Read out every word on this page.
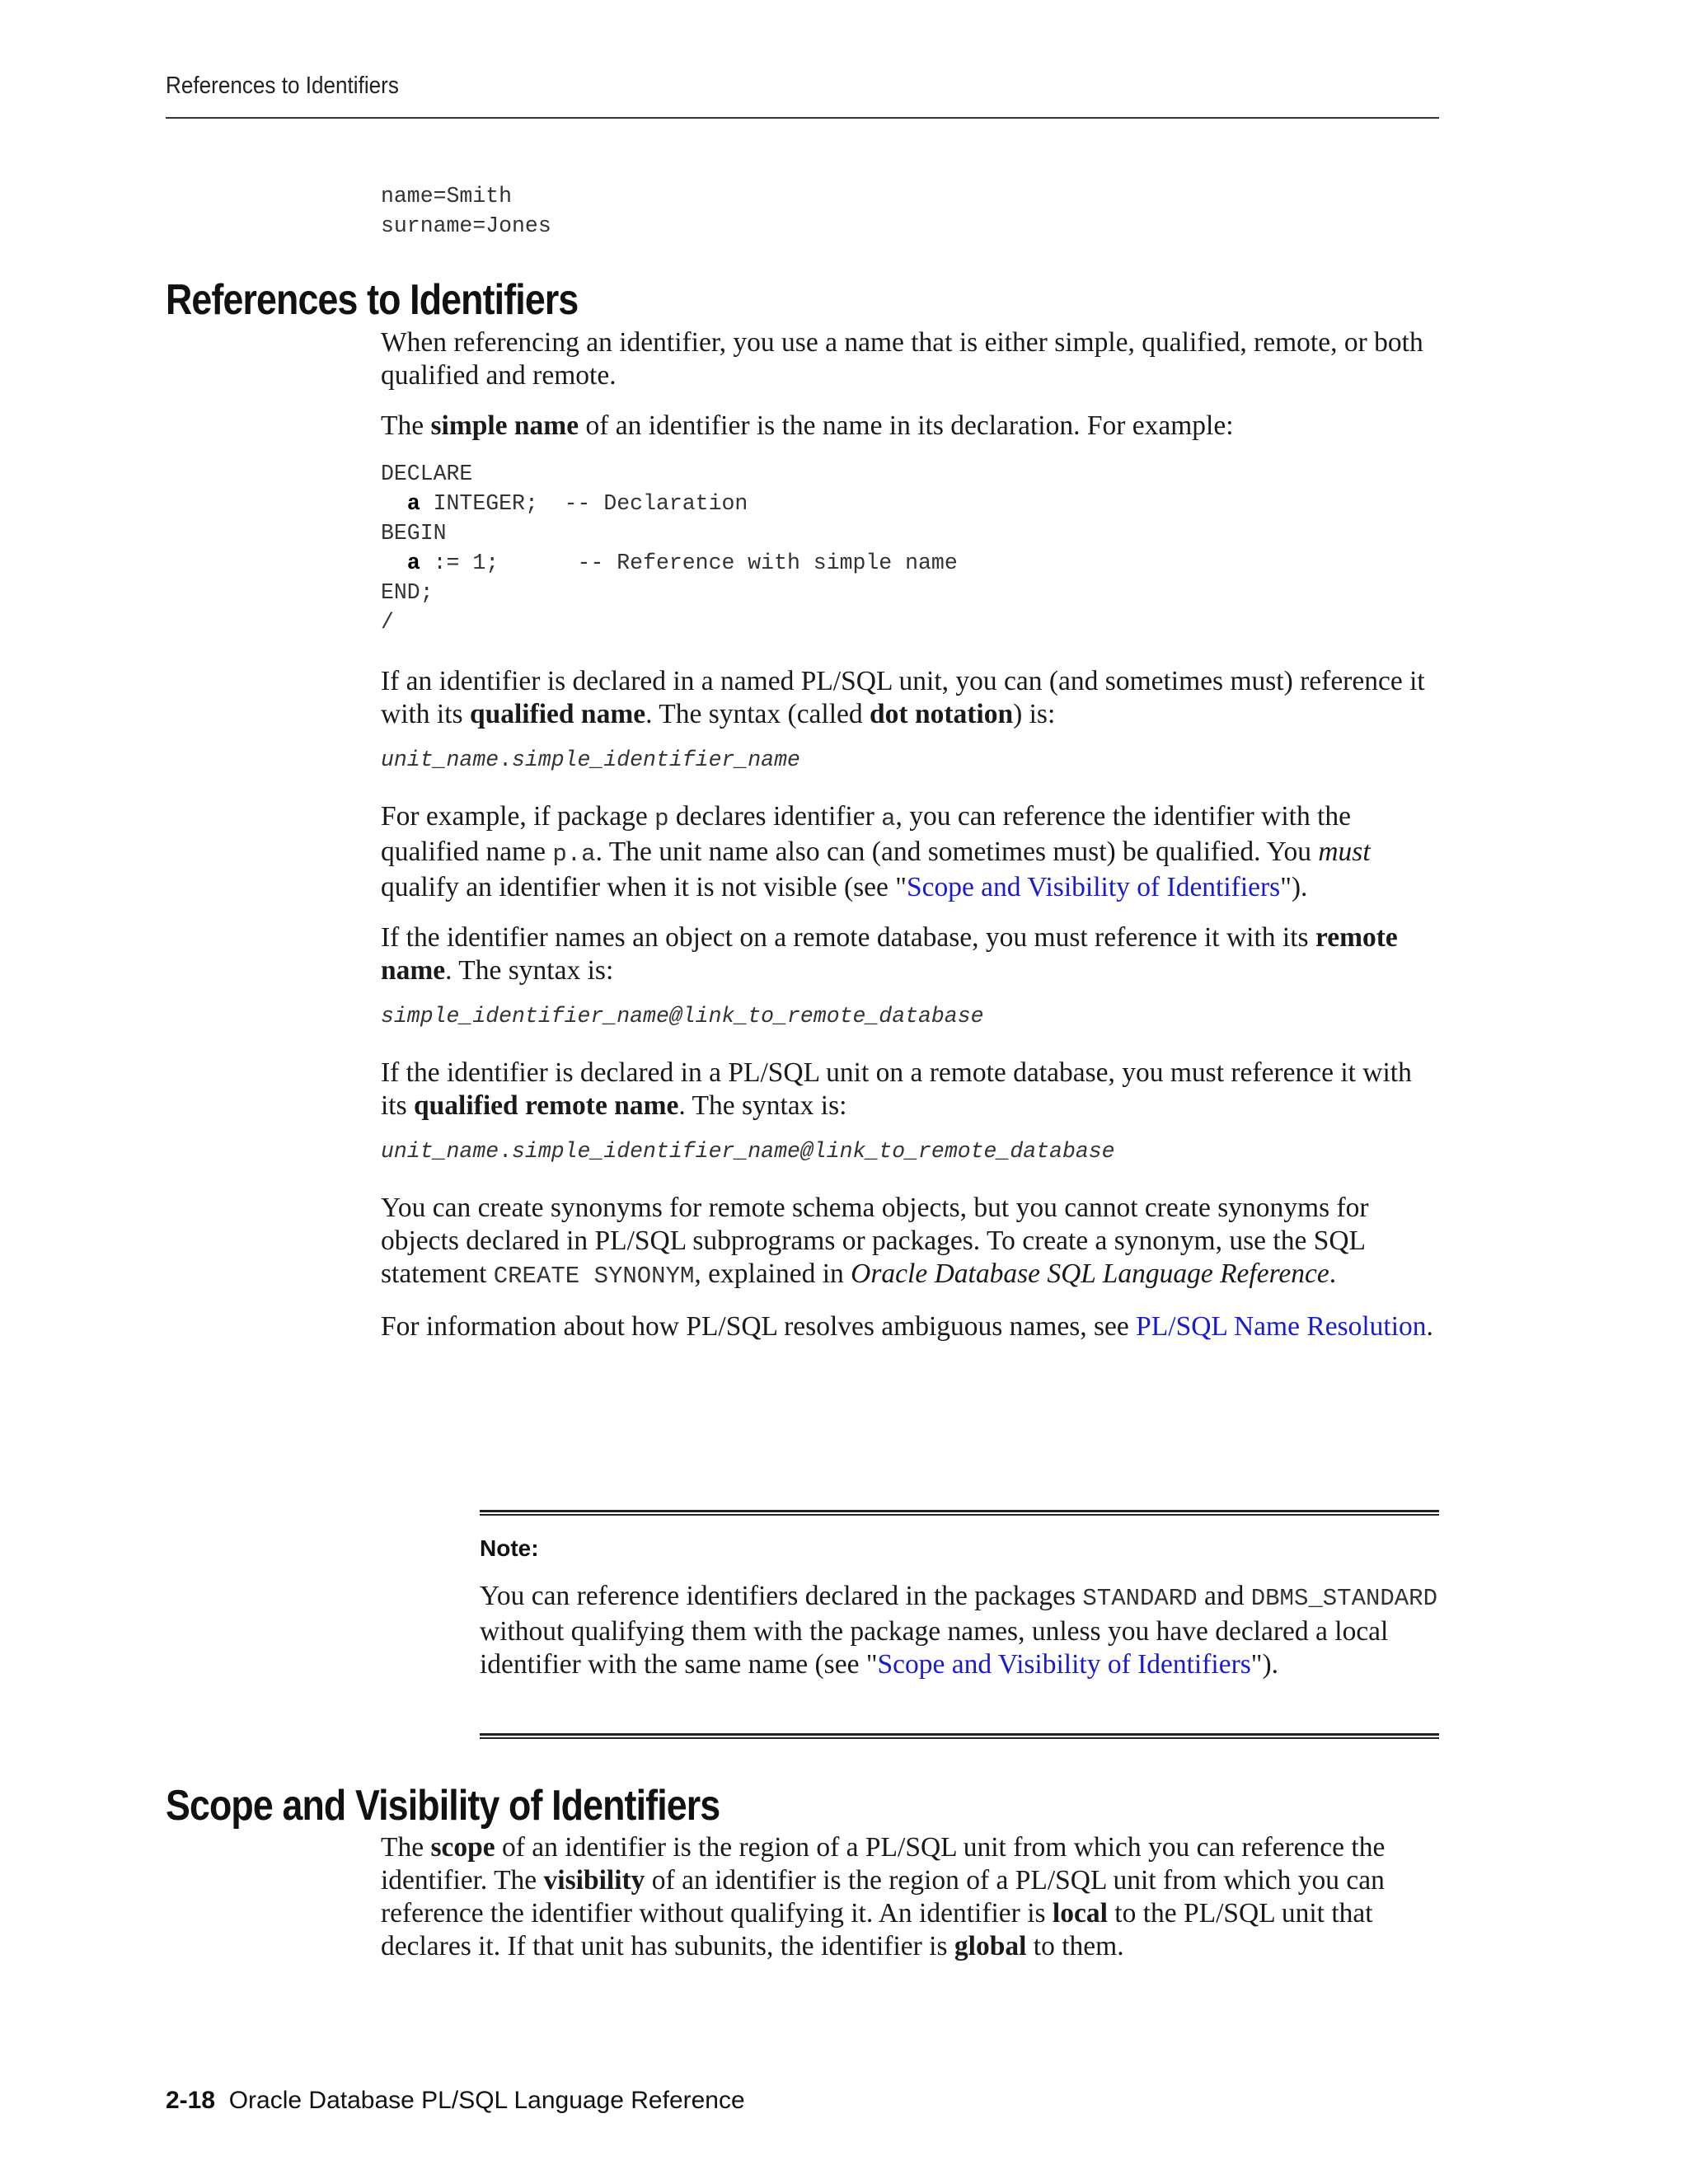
References to Identifiers
name=Smith
surname=Jones
References to Identifiers

When referencing an identifier, you use a name that is either simple, qualified, remote, or both qualified and remote.

The simple name of an identifier is the name in its declaration. For example:

DECLARE
a INTEGER;  -- Declaration
BEGIN
a := 1;      -- Reference with simple name
END;
/

If an identifier is declared in a named PL/SQL unit, you can (and sometimes must) reference it with its qualified name. The syntax (called dot notation) is:

unit_name.simple_identifier_name

For example, if package p declares identifier a, you can reference the identifier with the qualified name p.a. The unit name also can (and sometimes must) be qualified. You must qualify an identifier when it is not visible (see "Scope and Visibility of Identifiers").

If the identifier names an object on a remote database, you must reference it with its remote name. The syntax is:

simple_identifier_name@link_to_remote_database

If the identifier is declared in a PL/SQL unit on a remote database, you must reference it with its qualified remote name. The syntax is:

unit_name.simple_identifier_name@link_to_remote_database

You can create synonyms for remote schema objects, but you cannot create synonyms for objects declared in PL/SQL subprograms or packages. To create a synonym, use the SQL statement CREATE SYNONYM, explained in Oracle Database SQL Language Reference.

For information about how PL/SQL resolves ambiguous names, see PL/SQL Name Resolution.

Note:

You can reference identifiers declared in the packages STANDARD and DBMS_STANDARD without qualifying them with the package names, unless you have declared a local identifier with the same name (see "Scope and Visibility of Identifiers").

Scope and Visibility of Identifiers

The scope of an identifier is the region of a PL/SQL unit from which you can reference the identifier. The visibility of an identifier is the region of a PL/SQL unit from which you can reference the identifier without qualifying it. An identifier is local to the PL/SQL unit that declares it. If that unit has subunits, the identifier is global to them.

2-18 Oracle Database PL/SQL Language Reference
